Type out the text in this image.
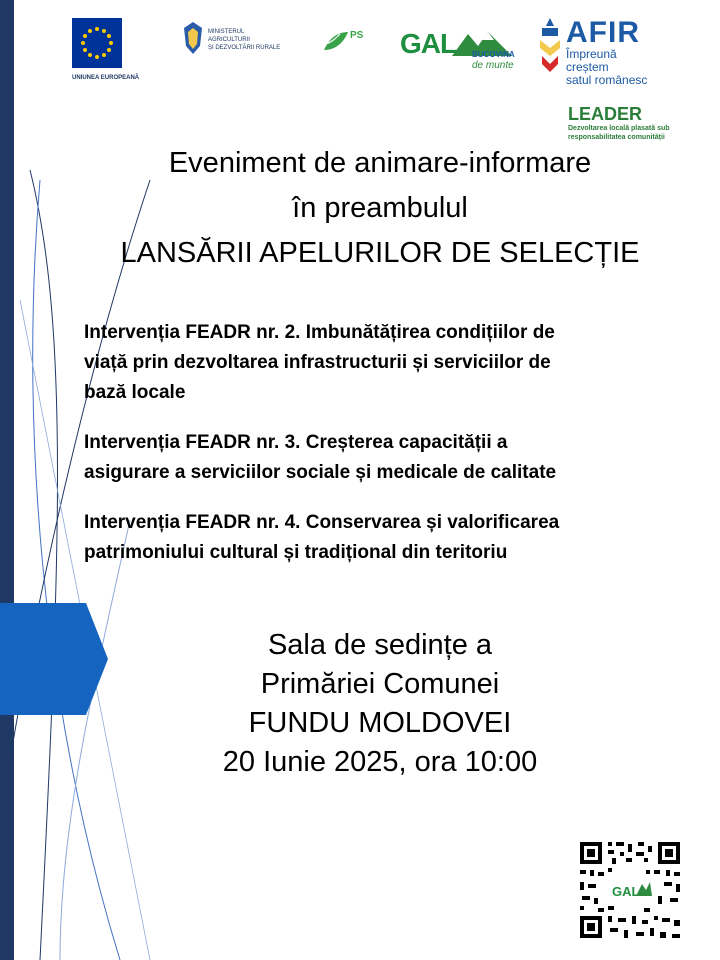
UNIUNEA EUROPEANĂ
MINISTERUL AGRICULTURII
ȘI DEZVOLTĂRII RURALE
PS	GAL BUCOVINA
de munte
AFIR
Împreună creștem
satul românesc
LEADER
Dezvoltarea locală plasată sub
responsabilitatea comunității
Eveniment de animare-informare
în preambulul
LANSĂRII APELURILOR DE SELECȚIE
Intervenția FEADR nr. 2. Imbunătățirea condițiilor de
viață prin dezvoltarea infrastructurii și serviciilor de
bază locale
Intervenția FEADR nr. 3. Creșterea capacității a
asigurare a serviciilor sociale și medicale de calitate
Intervenția FEADR nr. 4. Conservarea și valorificarea
patrimoniului cultural și tradițional din teritoriu
Sala de sedințe a
Primăriei Comunei
FUNDU MOLDOVEI
20 Iunie 2025, ora 10:00
GAL
